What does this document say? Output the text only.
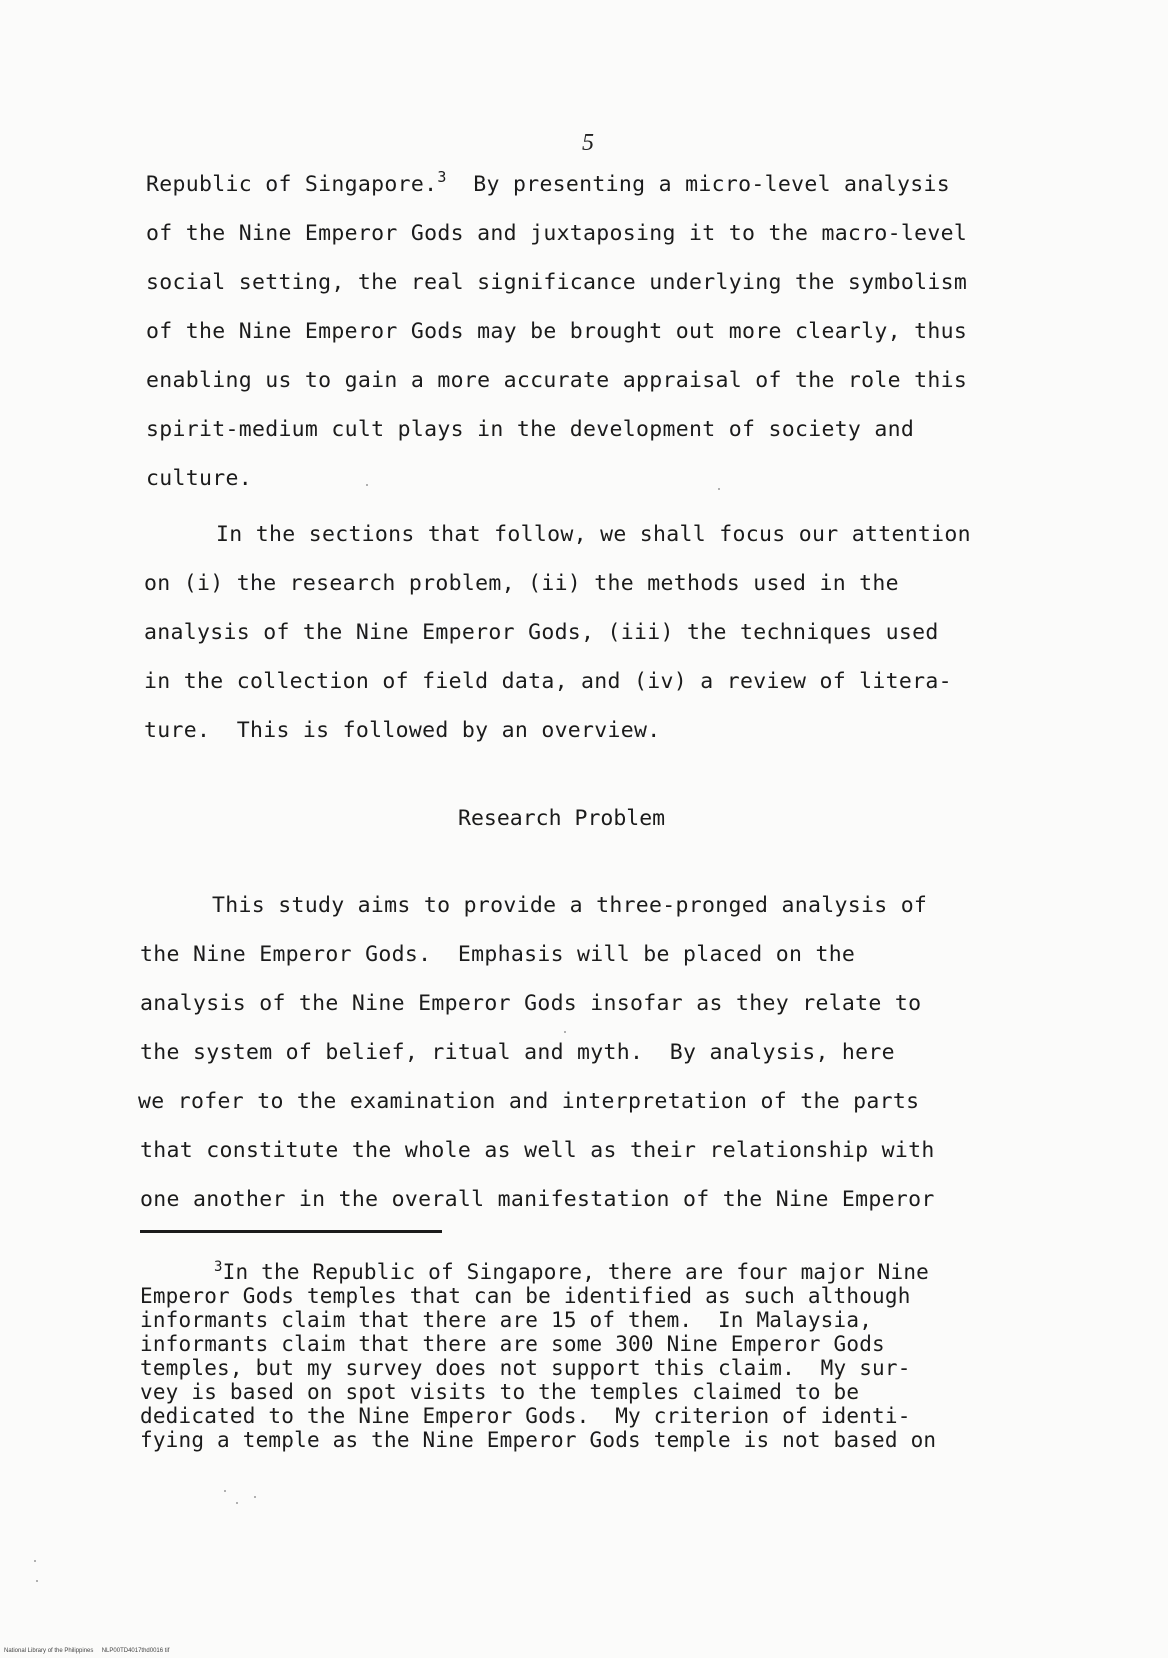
5
Republic of Singapore.$^3$ By presenting a micro-level analysis
of the Nine Emperor Gods and juxtaposing it to the macro-level
social setting, the real significance underlying the symbolism
of the Nine Emperor Gods may be brought out more clearly, thus
enabling us to gain a more accurate appraisal of the role this
spirit-medium cult plays in the development of society and
culture.
In the sections that follow, we shall focus our attention
on (i) the research problem, (ii) the methods used in the
analysis of the Nine Emperor Gods, (iii) the techniques used
in the collection of field data, and (iv) a review of litera-
ture.  This is followed by an overview.
Research Problem
This study aims to provide a three-pronged analysis of
the Nine Emperor Gods.  Emphasis will be placed on the
analysis of the Nine Emperor Gods insofar as they relate to
the system of belief, ritual and myth.  By analysis, here
we rofer to the examination and interpretation of the parts
that constitute the whole as well as their relationship with
one another in the overall manifestation of the Nine Emperor
$^3$In the Republic of Singapore, there are four major Nine
Emperor Gods temples that can be identified as such although
informants claim that there are 15 of them.  In Malaysia,
informants claim that there are some 300 Nine Emperor Gods
temples, but my survey does not support this claim.  My sur-
vey is based on spot visits to the temples claimed to be
dedicated to the Nine Emperor Gods.  My criterion of identi-
fying a temple as the Nine Emperor Gods temple is not based on
National Library of the Philippines     NLP00TD4017thd0016 tif
